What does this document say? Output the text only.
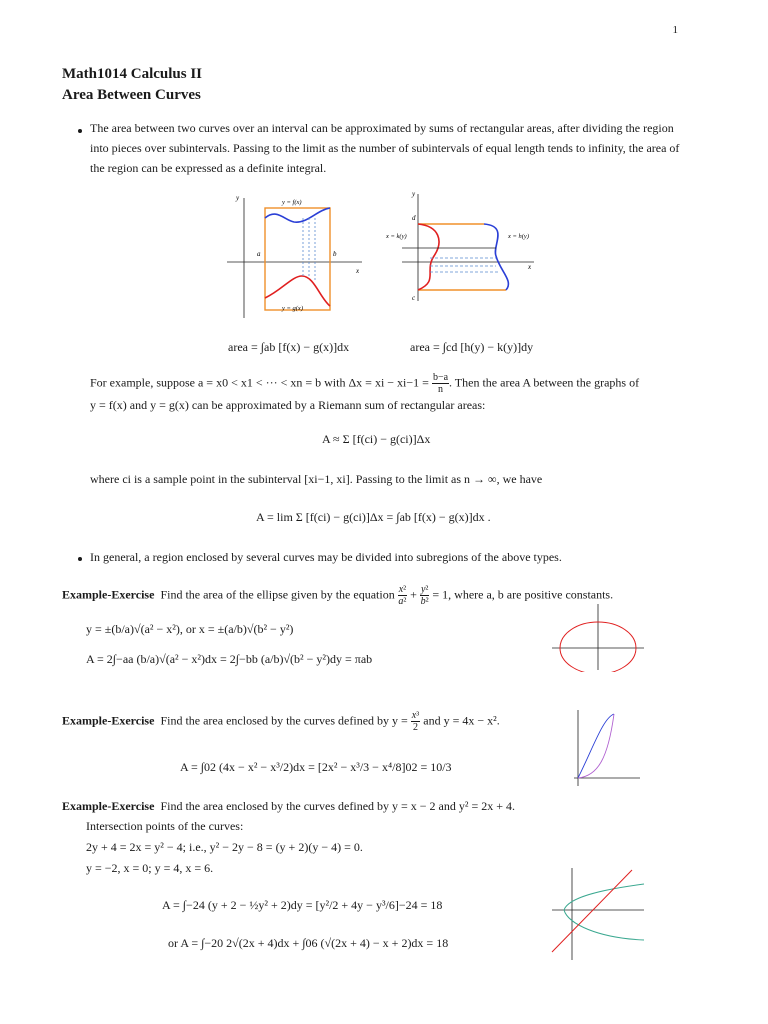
1
Math1014 Calculus II
Area Between Curves
The area between two curves over an interval can be approximated by sums of rectangular areas, after dividing the region into pieces over subintervals. Passing to the limit as the number of subintervals of equal length tends to infinity, the area of the region can be expressed as a definite integral.
y
x
y = f(x)
y = g(x)
a	b
y
x
x = k(y)	x = h(y)
d
c
area = ∫ab [f(x) − g(x)]dx	area = ∫cd [h(y) − k(y)]dy
For example, suppose a = x0 < x1 < ··· < xn = b with Δx = xi − $xi-1 = \frac{b-a}{n}$ . Then the area A between the graphs of
y = f(x) and y = g(x) can be approximated by a Riemann sum of rectangular areas:
A ≈ Σ [f(ci) − g(ci)]Δx
where ci is a sample point in the subinterval [xi−1, xi]. Passing to the limit as n → ∞, we have
A = lim Σ [f(ci) − g(ci)]Δx = ∫ab [f(x) − g(x)]dx .
In general, a region enclosed by several curves may be divided into subregions of the above types.
Example-Exercise Find the area of the ellipse given by the equation $\frac{\text{x²}}{\text{a²}} + \frac{\text{y²}}{\text{b²}} = 1$, where a, b are positive constants.
y = ±(b/a)√(a² − x²), or x = ±(a/b)√(b² − y²)
A = 2∫−aa (b/a)√(a² − x²)dx = 2∫−bb (a/b)√(b² − y²)dy = πab
Example-Exercise Find the area enclosed by the curves defined by $y = \frac{\text{x³}}{2}$ and y = 4x − x².
A = ∫02 (4x − x² − x³/2)dx = [2x² − x³/3 − x⁴/8]02 = 10/3
Example-Exercise Find the area enclosed by the curves defined by y = x − 2 and y² = 2x + 4.
Intersection points of the curves:
2y + 4 = 2x = y² − 4; i.e., y² − 2y − 8 = (y + 2)(y − 4) = 0.
y = −2, x = 0; y = 4, x = 6.
A = ∫−24 (y + 2 − ½y² + 2)dy = [y²/2 + 4y − y³/6]−24 = 18
or A = ∫−20 2√(2x + 4)dx + ∫06 (√(2x + 4) − x + 2)dx = 18
